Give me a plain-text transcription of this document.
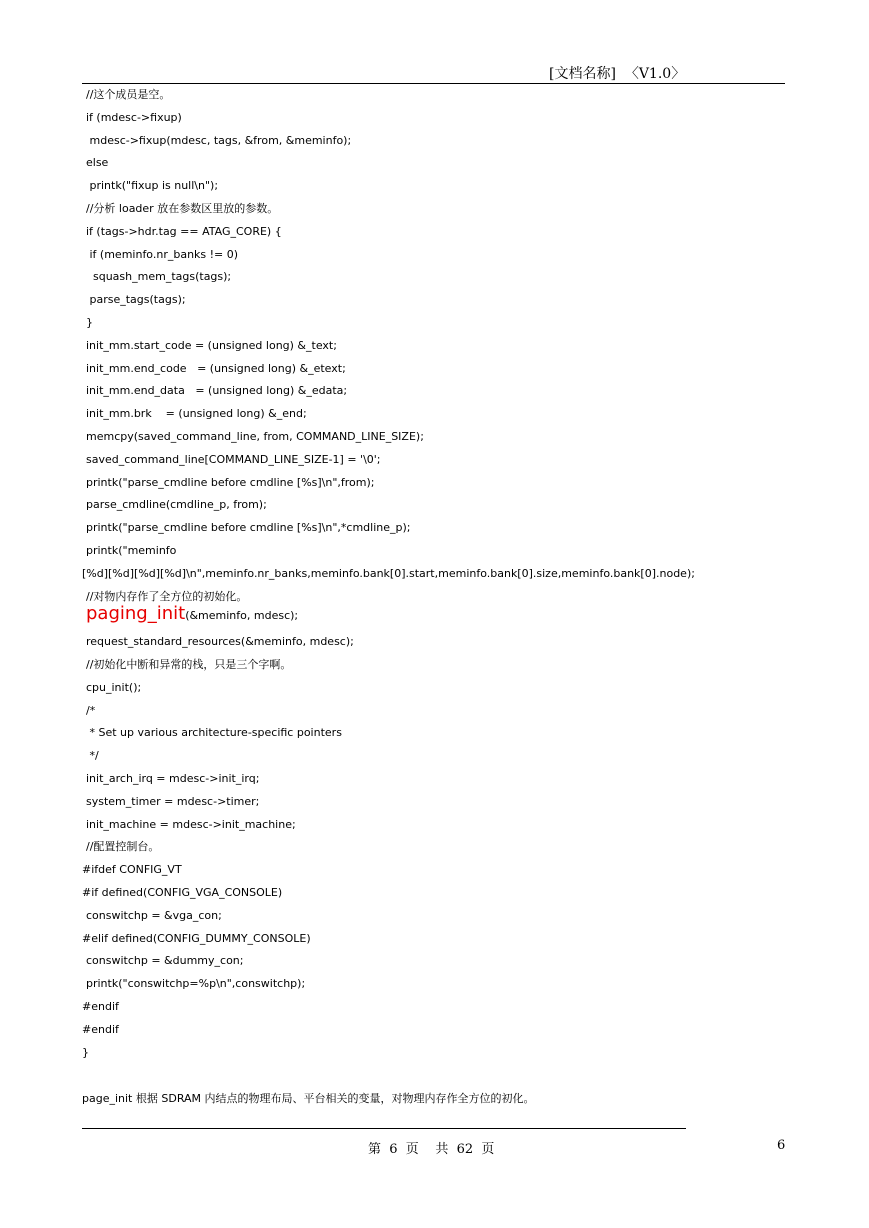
[文档名称]  〈V1.0〉
//这个成员是空。
if (mdesc->fixup)
mdesc->fixup(mdesc, tags, &from, &meminfo);
else
printk("fixup is null\n");
//分析 loader 放在参数区里放的参数。
if (tags->hdr.tag == ATAG_CORE) {
if (meminfo.nr_banks != 0)
squash_mem_tags(tags);
parse_tags(tags);
}
init_mm.start_code = (unsigned long) &_text;
init_mm.end_code   = (unsigned long) &_etext;
init_mm.end_data   = (unsigned long) &_edata;
init_mm.brk    = (unsigned long) &_end;
memcpy(saved_command_line, from, COMMAND_LINE_SIZE);
saved_command_line[COMMAND_LINE_SIZE-1] = '\0';
printk("parse_cmdline before cmdline [%s]\n",from);
parse_cmdline(cmdline_p, from);
printk("parse_cmdline before cmdline [%s]\n",*cmdline_p);
printk("meminfo
[%d][%d][%d][%d]\n",meminfo.nr_banks,meminfo.bank[0].start,meminfo.bank[0].size,meminfo.bank[0].node);
//对物内存作了全方位的初始化。
paging_init(&meminfo, mdesc);
request_standard_resources(&meminfo, mdesc);
//初始化中断和异常的栈，只是三个字啊。
cpu_init();
/*
* Set up various architecture-specific pointers
*/
init_arch_irq = mdesc->init_irq;
system_timer = mdesc->timer;
init_machine = mdesc->init_machine;
//配置控制台。
#ifdef CONFIG_VT
#if defined(CONFIG_VGA_CONSOLE)
conswitchp = &vga_con;
#elif defined(CONFIG_DUMMY_CONSOLE)
conswitchp = &dummy_con;
printk("conswitchp=%p\n",conswitchp);
#endif
#endif
}
page_init 根据 SDRAM 内结点的物理布局、平台相关的变量，对物理内存作全方位的初化。
第  6  页    共  62  页	6
